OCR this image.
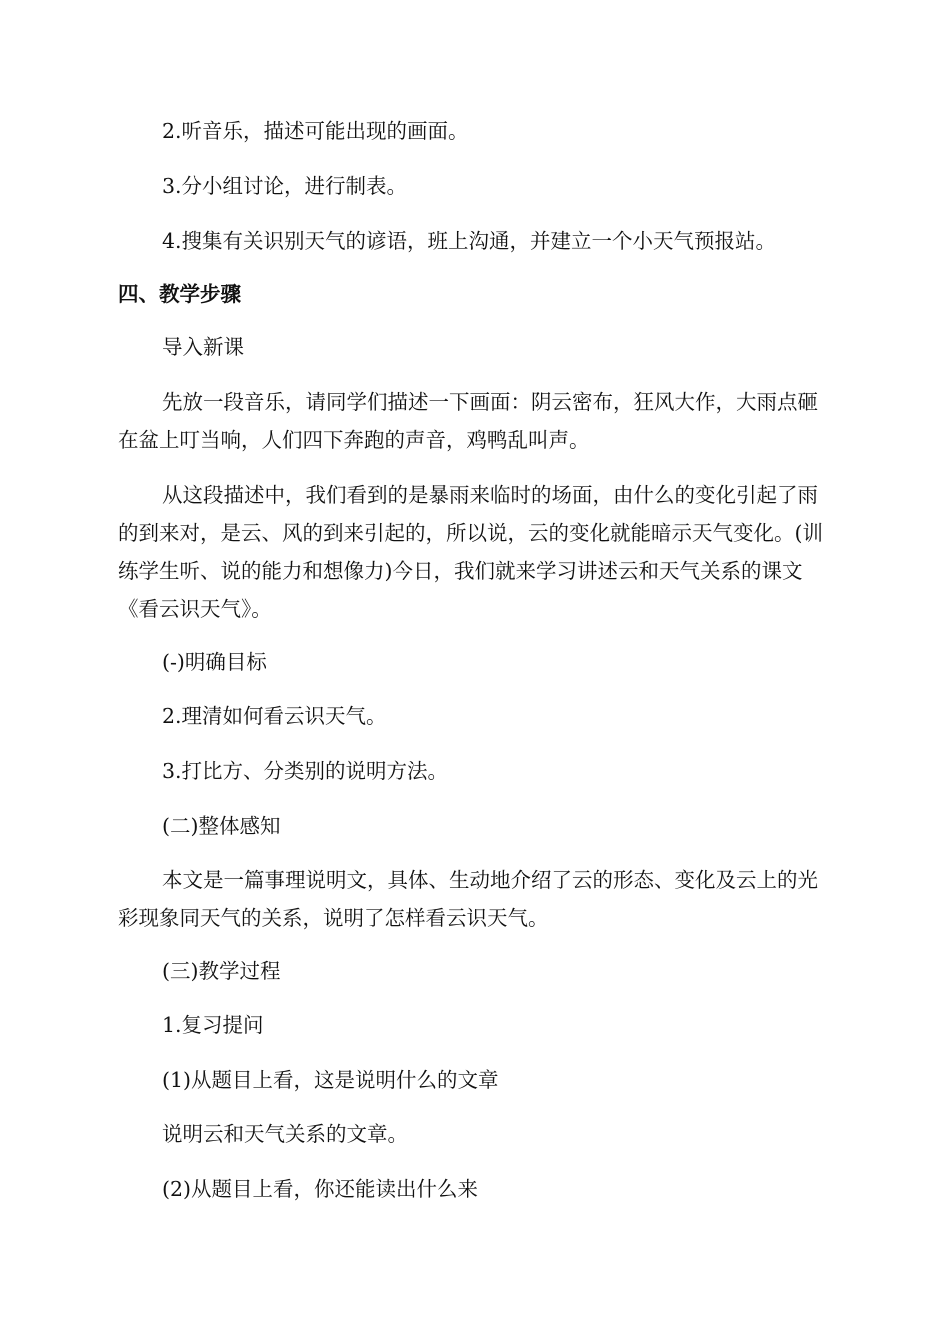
2.听音乐，描述可能出现的画面。

3.分小组讨论，进行制表。

4.搜集有关识别天气的谚语，班上沟通，并建立一个小天气预报站。

四、教学步骤

导入新课

先放一段音乐，请同学们描述一下画面：阴云密布，狂风大作，大雨点砸在盆上叮当响，人们四下奔跑的声音，鸡鸭乱叫声。

从这段描述中，我们看到的是暴雨来临时的场面，由什么的变化引起了雨的到来对，是云、风的到来引起的，所以说，云的变化就能暗示天气变化。(训练学生听、说的能力和想像力)今日，我们就来学习讲述云和天气关系的课文《看云识天气》。

(-)明确目标

2.理清如何看云识天气。

3.打比方、分类别的说明方法。

(二)整体感知

本文是一篇事理说明文，具体、生动地介绍了云的形态、变化及云上的光彩现象同天气的关系，说明了怎样看云识天气。

(三)教学过程

1.复习提问

(1)从题目上看，这是说明什么的文章

说明云和天气关系的文章。

(2)从题目上看，你还能读出什么来
